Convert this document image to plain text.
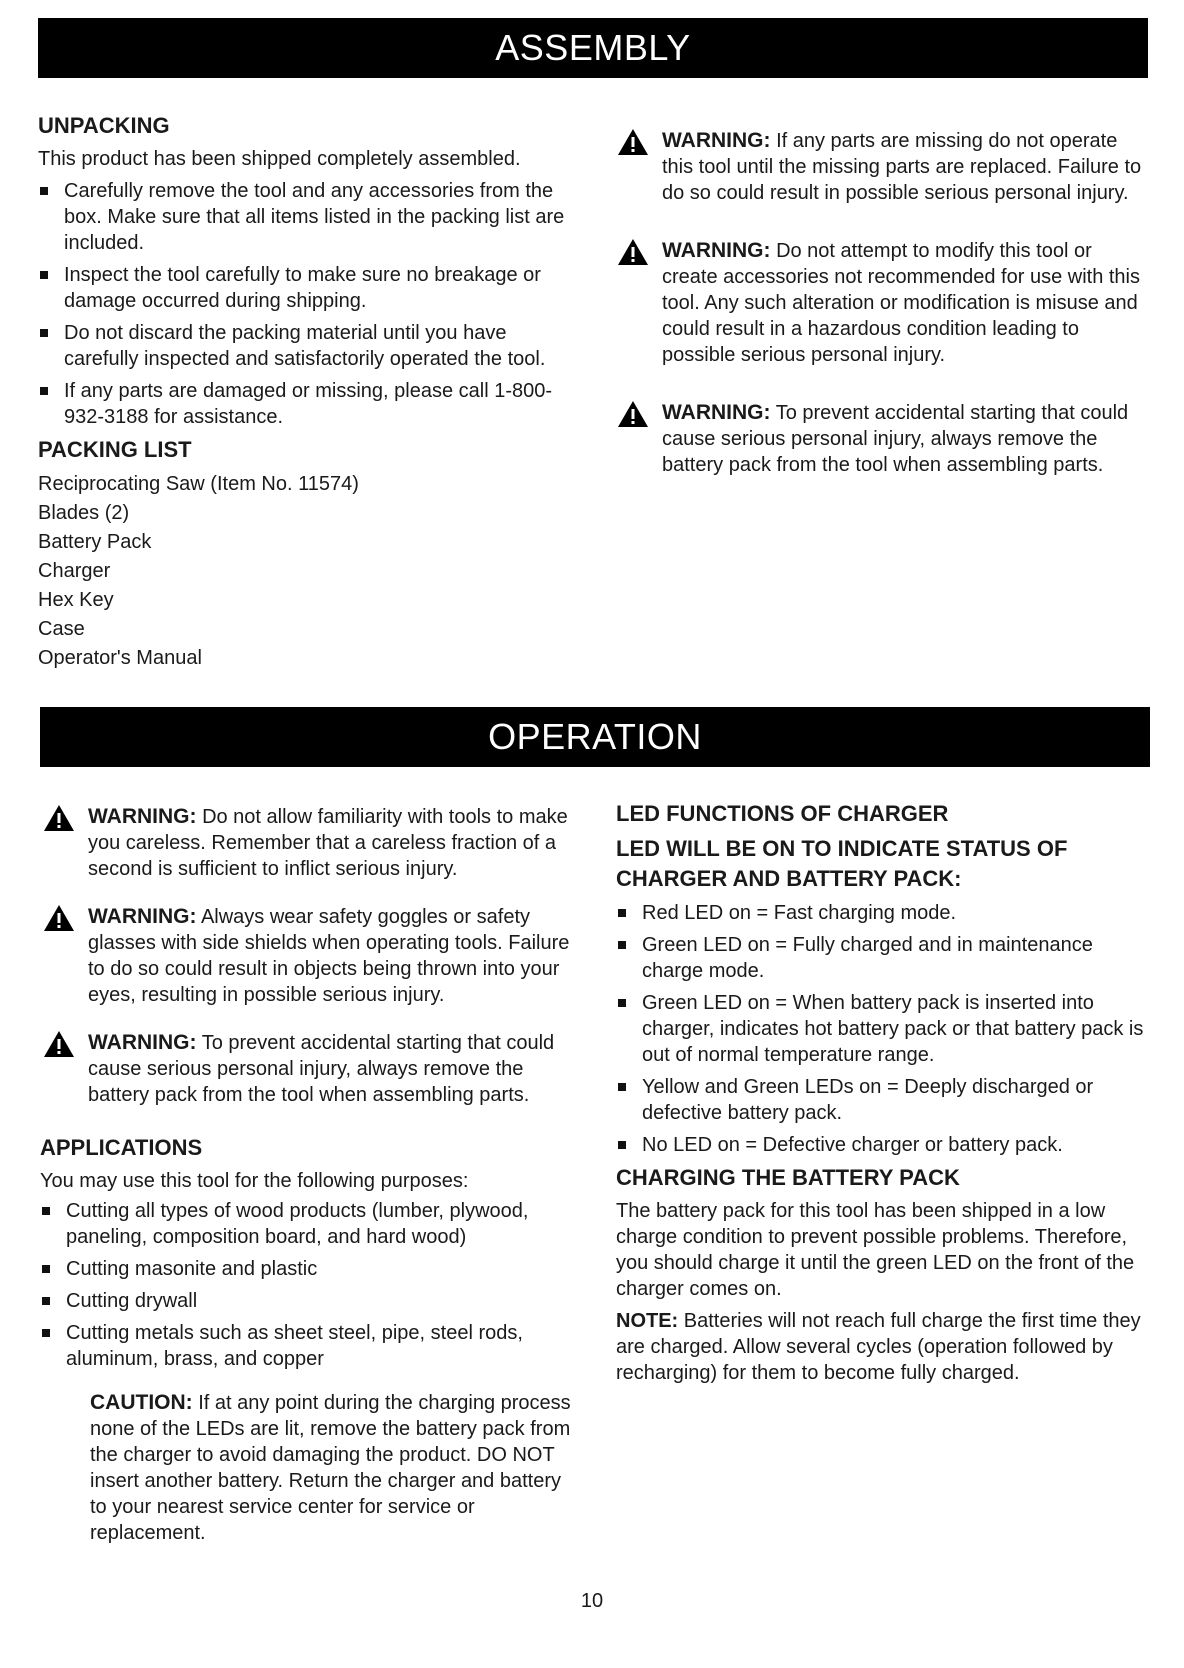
ASSEMBLY
UNPACKING

This product has been shipped completely assembled.

Carefully remove the tool and any accessories from the box. Make sure that all items listed in the packing list are included.
Inspect the tool carefully to make sure no breakage or damage occurred during shipping.
Do not discard the packing material until you have carefully inspected and satisfactorily operated the tool.
If any parts are damaged or missing, please call 1-800-932-3188 for assistance.
PACKING LIST
Reciprocating Saw (Item No. 11574)
Blades (2)
Battery Pack
Charger
Hex Key
Case
Operator's Manual
WARNING: If any parts are missing do not operate this tool until the missing parts are replaced. Failure to do so could result in possible serious personal injury.
WARNING: Do not attempt to modify this tool or create accessories not recommended for use with this tool. Any such alteration or modification is misuse and could result in a hazardous condition leading to possible serious personal injury.
WARNING: To prevent accidental starting that could cause serious personal injury, always remove the battery pack from the tool when assembling parts.
OPERATION
WARNING: Do not allow familiarity with tools to make you careless. Remember that a careless fraction of a second is sufficient to inflict serious injury.
WARNING: Always wear safety goggles or safety glasses with side shields when operating tools. Failure to do so could result in objects being thrown into your eyes, resulting in possible serious injury.
WARNING: To prevent accidental starting that could cause serious personal injury, always remove the battery pack from the tool when assembling parts.
APPLICATIONS

You may use this tool for the following purposes:

Cutting all types of wood products (lumber, plywood, paneling, composition board, and hard wood)
Cutting masonite and plastic
Cutting drywall
Cutting metals such as sheet steel, pipe, steel rods, aluminum, brass, and copper
CAUTION: If at any point during the charging process none of the LEDs are lit, remove the battery pack from the charger to avoid damaging the product. DO NOT insert another battery. Return the charger and battery to your nearest service center for service or replacement.
LED FUNCTIONS OF CHARGER
LED WILL BE ON TO INDICATE STATUS OF CHARGER AND BATTERY PACK:
Red LED on = Fast charging mode.
Green LED on = Fully charged and in maintenance charge mode.
Green LED on = When battery pack is inserted into charger, indicates hot battery pack or that battery pack is out of normal temperature range.
Yellow and Green LEDs on = Deeply discharged or defective battery pack.
No LED on = Defective charger or battery pack.
CHARGING THE BATTERY PACK

The battery pack for this tool has been shipped in a low charge condition to prevent possible problems. Therefore, you should charge it until the green LED on the front of the charger comes on.

NOTE: Batteries will not reach full charge the first time they are charged. Allow several cycles (operation followed by recharging) for them to become fully charged.

10
